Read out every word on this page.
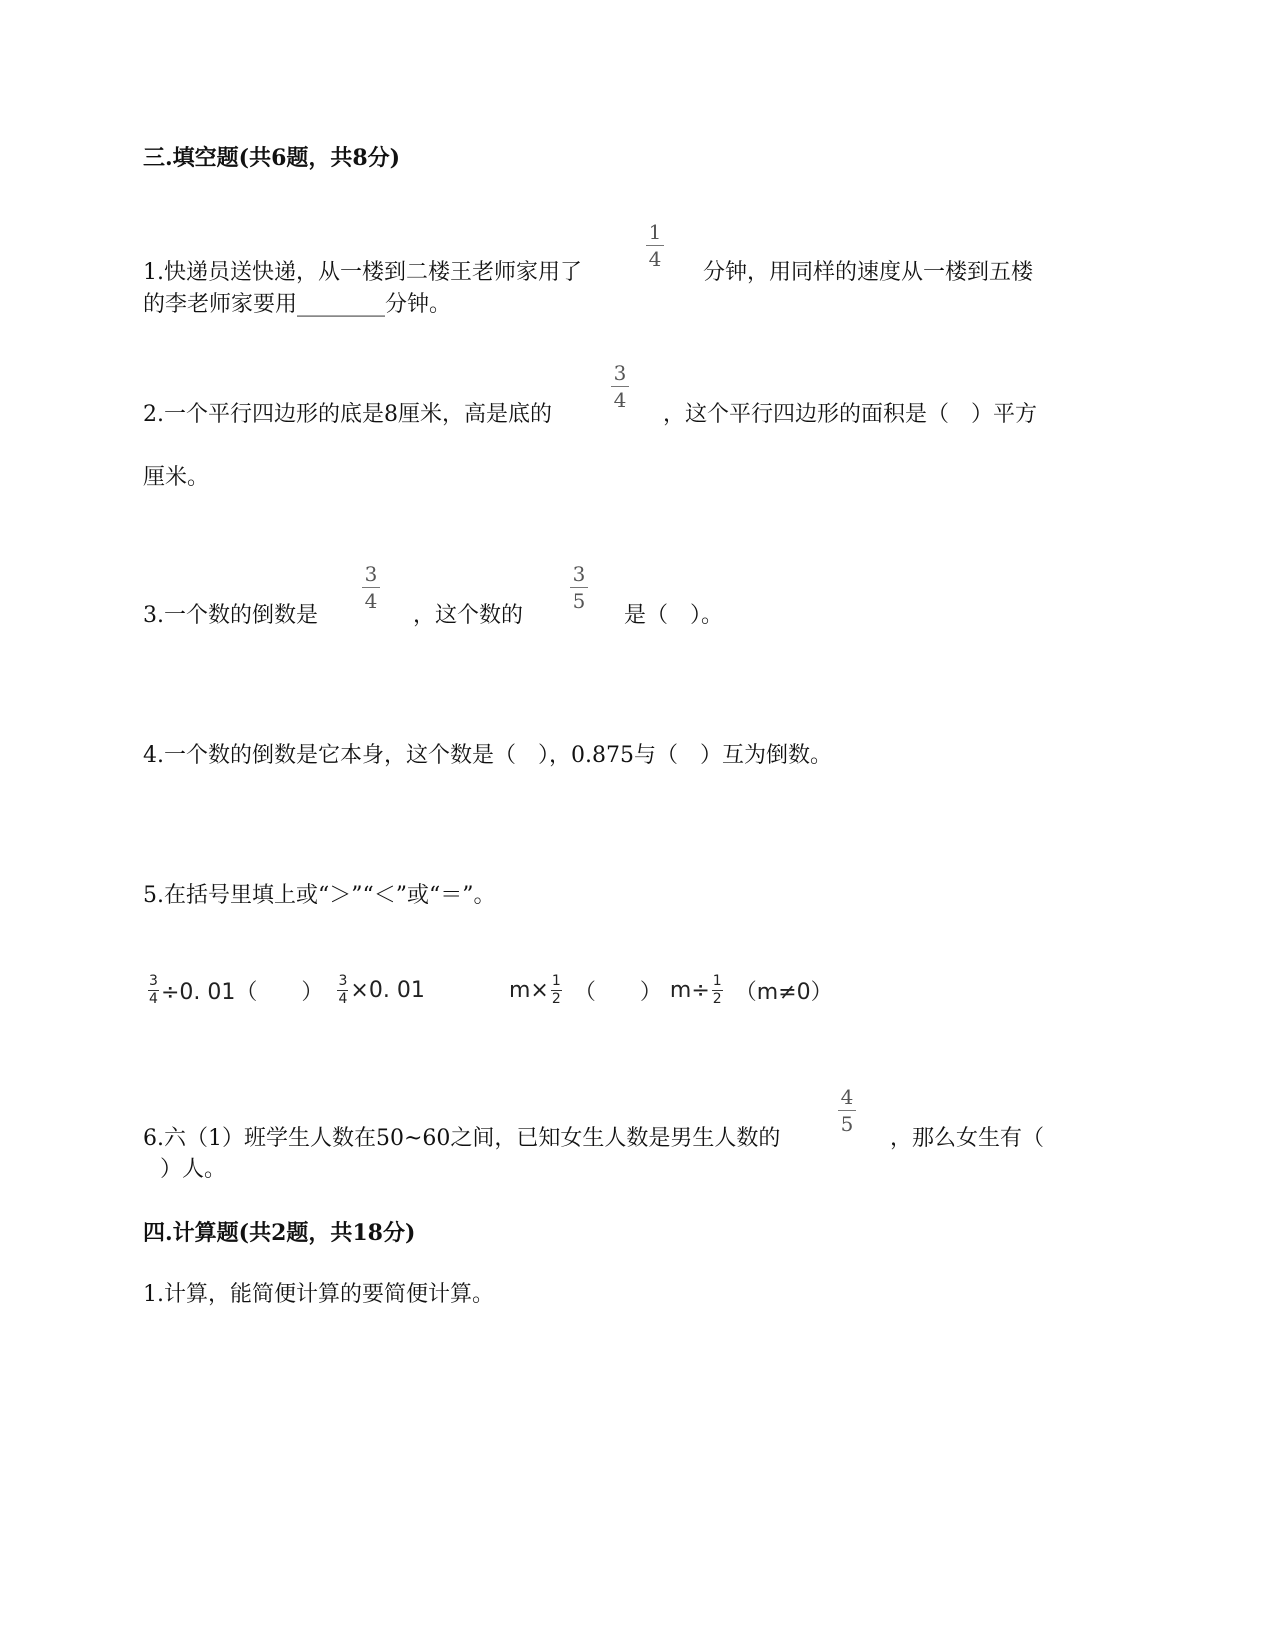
三.填空题(共6题，共8分)
1.快递员送快递，从一楼到二楼王老师家用了
1
4
分钟，用同样的速度从一楼到五楼
的李老师家要用________分钟。
2.一个平行四边形的底是8厘米，高是底的
3
4
，这个平行四边形的面积是（　）平方
厘米。
3.一个数的倒数是
3
4
，这个数的
3
5
是（　）。
4.一个数的倒数是它本身，这个数是（　），0.875与（　）互为倒数。
5.在括号里填上或“＞”“＜”或“＝”。
$\frac{3}{4} \div 0$. 01（　　） $\frac{3}{4} \times 0$. 01	$m\times \frac{1}{2}$ （　　） $m\div \frac{1}{2} (m\ne 0)$
6.六（1）班学生人数在50~60之间，已知女生人数是男生人数的
4
5
，那么女生有（
）人。
四.计算题(共2题，共18分)
1.计算，能简便计算的要简便计算。
